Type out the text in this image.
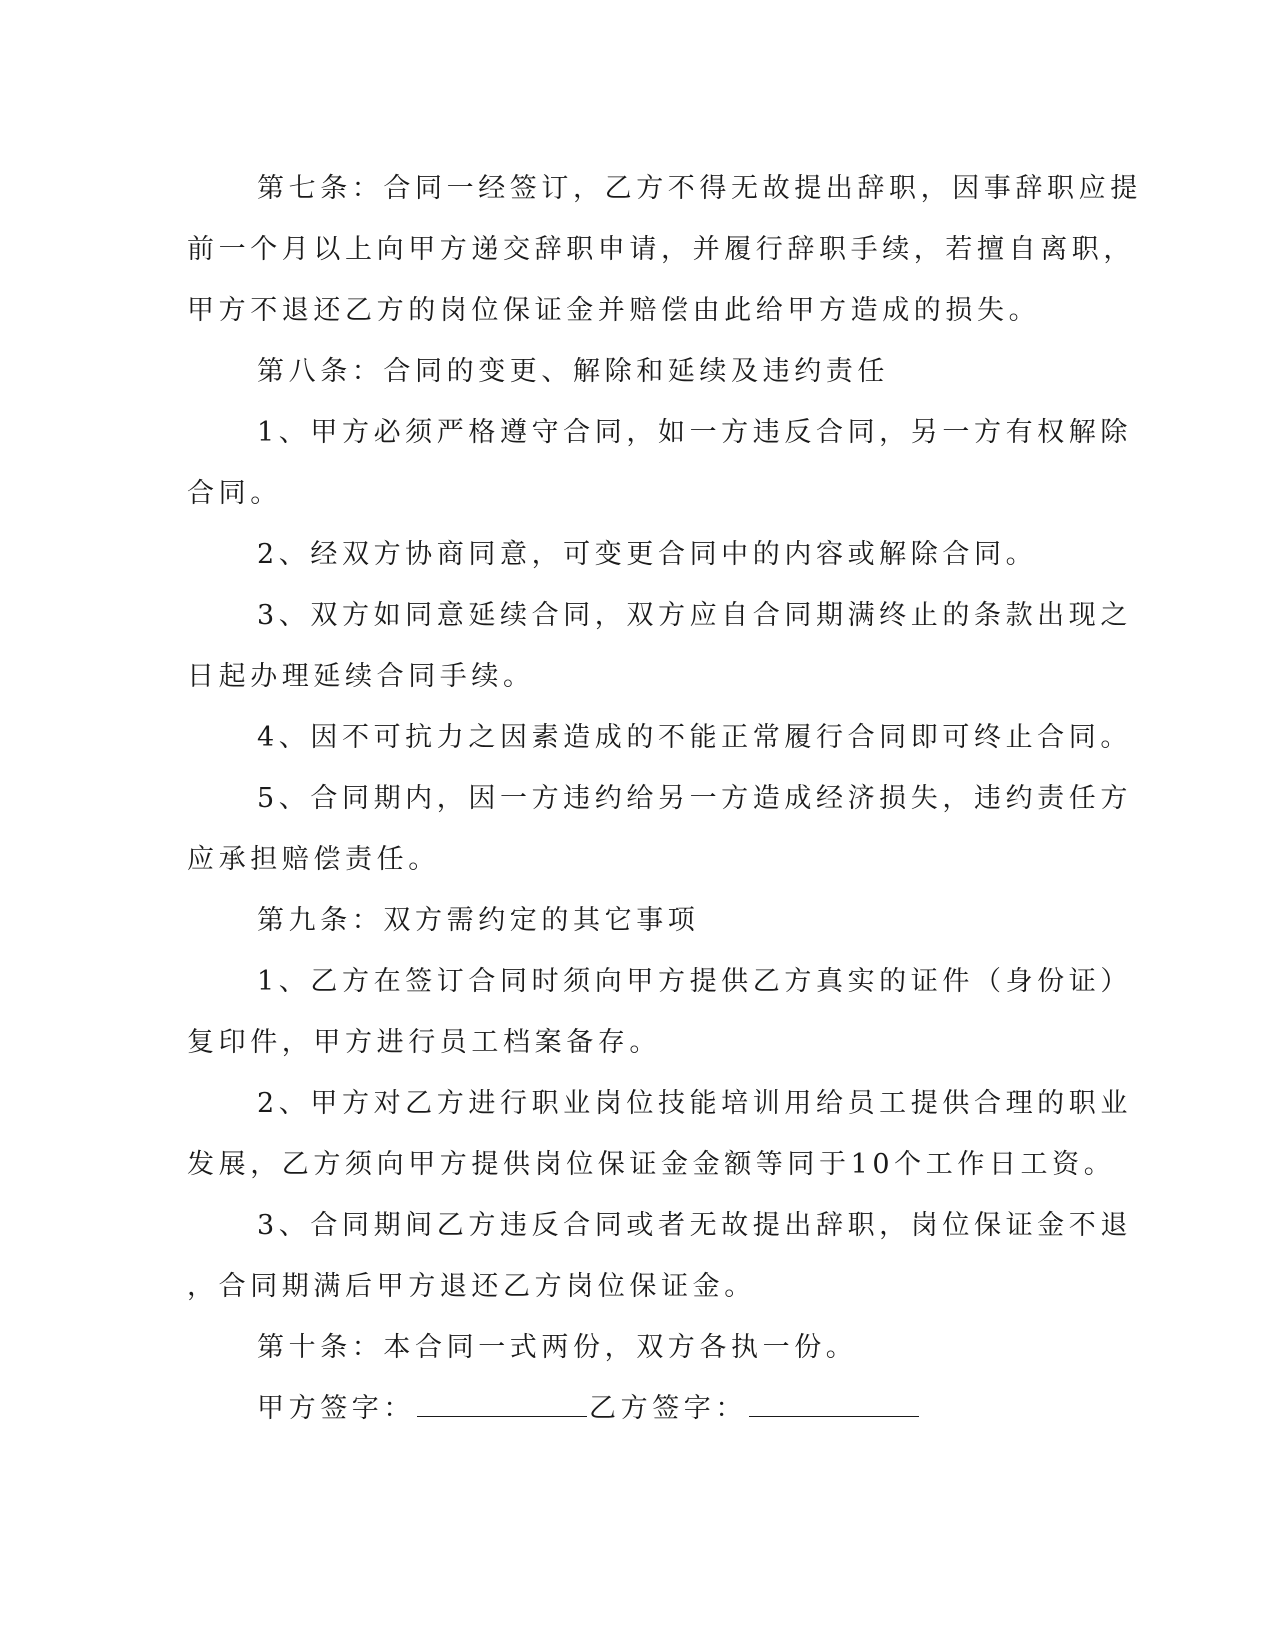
第七条：合同一经签订，乙方不得无故提出辞职，因事辞职应提
前一个月以上向甲方递交辞职申请，并履行辞职手续，若擅自离职，
甲方不退还乙方的岗位保证金并赔偿由此给甲方造成的损失。
第八条：合同的变更、解除和延续及违约责任
1、甲方必须严格遵守合同，如一方违反合同，另一方有权解除
合同。
2、经双方协商同意，可变更合同中的内容或解除合同。
3、双方如同意延续合同，双方应自合同期满终止的条款出现之
日起办理延续合同手续。
4、因不可抗力之因素造成的不能正常履行合同即可终止合同。
5、合同期内，因一方违约给另一方造成经济损失，违约责任方
应承担赔偿责任。
第九条：双方需约定的其它事项
1、乙方在签订合同时须向甲方提供乙方真实的证件（身份证）
复印件，甲方进行员工档案备存。
2、甲方对乙方进行职业岗位技能培训用给员工提供合理的职业
发展，乙方须向甲方提供岗位保证金金额等同于10个工作日工资。
3、合同期间乙方违反合同或者无故提出辞职，岗位保证金不退
，合同期满后甲方退还乙方岗位保证金。
第十条：本合同一式两份，双方各执一份。
甲方签字：	乙方签字：
